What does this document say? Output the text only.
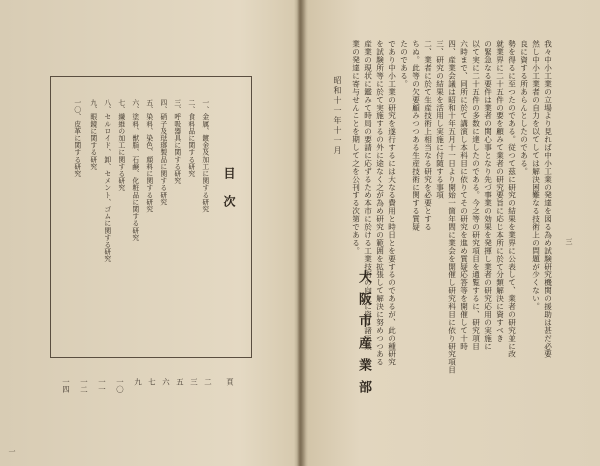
三
たのである。 ちぬ。此等の欠要顧みつつある生産技術に関する質疑 二、業者に於て生産技術上相当なる研究を必要とする 三、研究の結果を活用し実施に付随する事項 四、産業会議は昭和十年五月十一日より開始一箇年間に業会を開催し研究科目に依り研究項目 六時まで、同所に於て講演し本科目に依りてその研究を進め質疑応答等を開催して十時 以て実に二十五件の多数に達したのである。今之等の研究項目を通覧するに、研究項目 の緊急なる要件は業者の関心事となり先づ事業の効果を発揮し業者の研究応用の実施に 就業界に二十五件の要を顧みて業者の研究要旨に応じ本所に於て分類解決に資すべき 勢を得るに至つたのである。従つて茲に研究の結果を業界に公表して、業者の研究並に改 良に資する所あらんとしたのである。 然し中小工業者の自力を以てしては解決困難なる技術上の問題が少くない。 我々中小工業の立場より見れば中小工業の発達を図る為め試験研究機関の援助は甚だ必要
であり中小工業の研究を遂行するには大なる費用と時日とを要するのであるが、此の種研究
を試験所等に於て実施するの外に途なく之が為め研究の範囲を拡張して解決に努めつつある
産業の現状に鑑みて時局の要請に応ずるため本市に於ける工業技術の向上に資し諸工業
業の発達に寄与せんことを期して之を公刊する次第である。
昭和十一年十一月
大阪市産業部
一
目次
一、金属、鍍金及加工に関する研究
二、食料品に関する研究
三、呼吸器具に関する研究
四、硝子及琺瑯製品に関する研究
五、染料、染色、顔料に関する研究
六、塗料、獣脂、石鹸、化粧品に関する研究
七、繊維の加工に関する研究
八、セルロイド、卸、セメント、ゴムに関する研究
九、眼鏡に関する研究
一〇、皮革に関する研究
頁
二
三
五
六
七
九
一〇
一一
一二
一四
